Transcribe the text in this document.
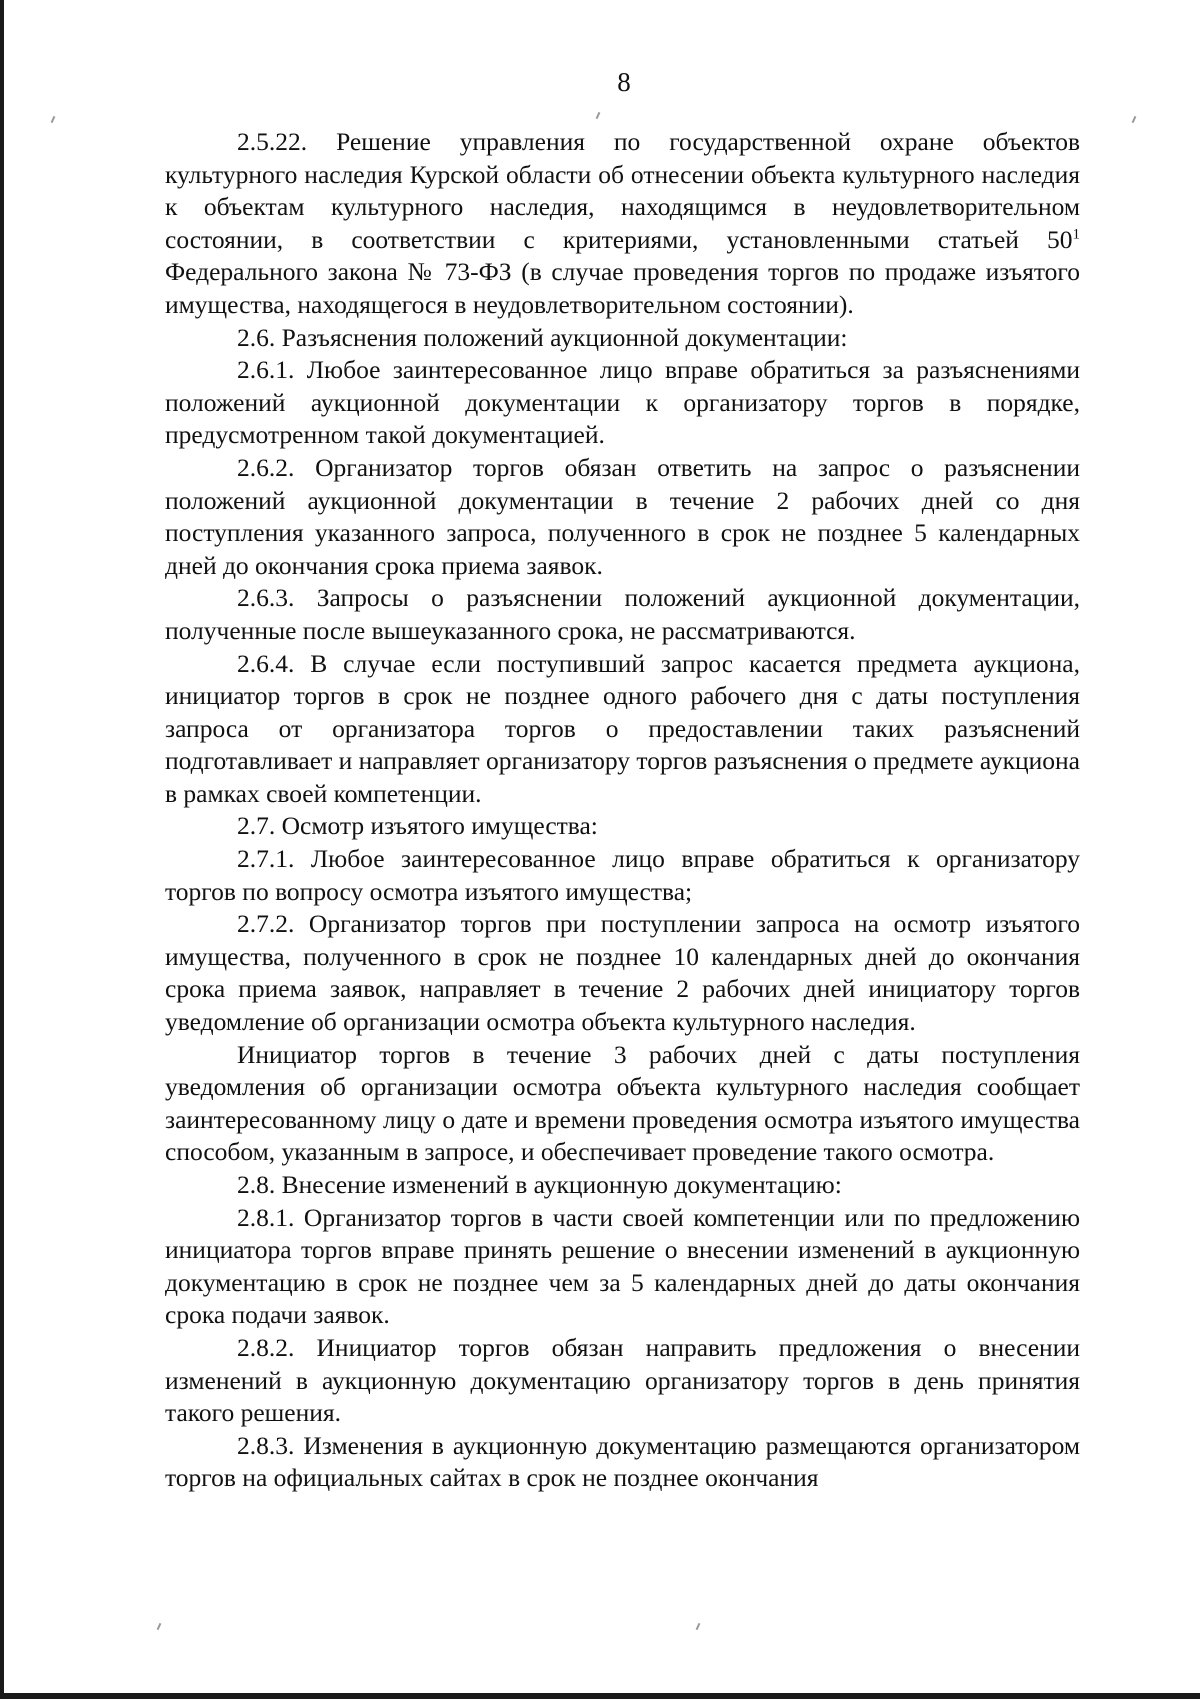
8

2.5.22. Решение управления по государственной охране объектов культурного наследия Курской области об отнесении объекта культурного наследия к объектам культурного наследия, находящимся в неудовлетворительном состоянии, в соответствии с критериями, установленными статьей $50^1$ Федерального закона № 73-ФЗ (в случае проведения торгов по продаже изъятого имущества, находящегося в неудовлетворительном состоянии).

2.6. Разъяснения положений аукционной документации:

2.6.1. Любое заинтересованное лицо вправе обратиться за разъяснениями положений аукционной документации к организатору торгов в порядке, предусмотренном такой документацией.

2.6.2. Организатор торгов обязан ответить на запрос о разъяснении положений аукционной документации в течение 2 рабочих дней со дня поступления указанного запроса, полученного в срок не позднее 5 календарных дней до окончания срока приема заявок.

2.6.3. Запросы о разъяснении положений аукционной документации, полученные после вышеуказанного срока, не рассматриваются.

2.6.4. В случае если поступивший запрос касается предмета аукциона, инициатор торгов в срок не позднее одного рабочего дня с даты поступления запроса от организатора торгов о предоставлении таких разъяснений подготавливает и направляет организатору торгов разъяснения о предмете аукциона в рамках своей компетенции.

2.7. Осмотр изъятого имущества:

2.7.1. Любое заинтересованное лицо вправе обратиться к организатору торгов по вопросу осмотра изъятого имущества;

2.7.2. Организатор торгов при поступлении запроса на осмотр изъятого имущества, полученного в срок не позднее 10 календарных дней до окончания срока приема заявок, направляет в течение 2 рабочих дней инициатору торгов уведомление об организации осмотра объекта культурного наследия.

Инициатор торгов в течение 3 рабочих дней с даты поступления уведомления об организации осмотра объекта культурного наследия сообщает заинтересованному лицу о дате и времени проведения осмотра изъятого имущества способом, указанным в запросе, и обеспечивает проведение такого осмотра.

2.8. Внесение изменений в аукционную документацию:

2.8.1. Организатор торгов в части своей компетенции или по предложению инициатора торгов вправе принять решение о внесении изменений в аукционную документацию в срок не позднее чем за 5 календарных дней до даты окончания срока подачи заявок.

2.8.2. Инициатор торгов обязан направить предложения о внесении изменений в аукционную документацию организатору торгов в день принятия такого решения.

2.8.3. Изменения в аукционную документацию размещаются организатором торгов на официальных сайтах в срок не позднее окончания
